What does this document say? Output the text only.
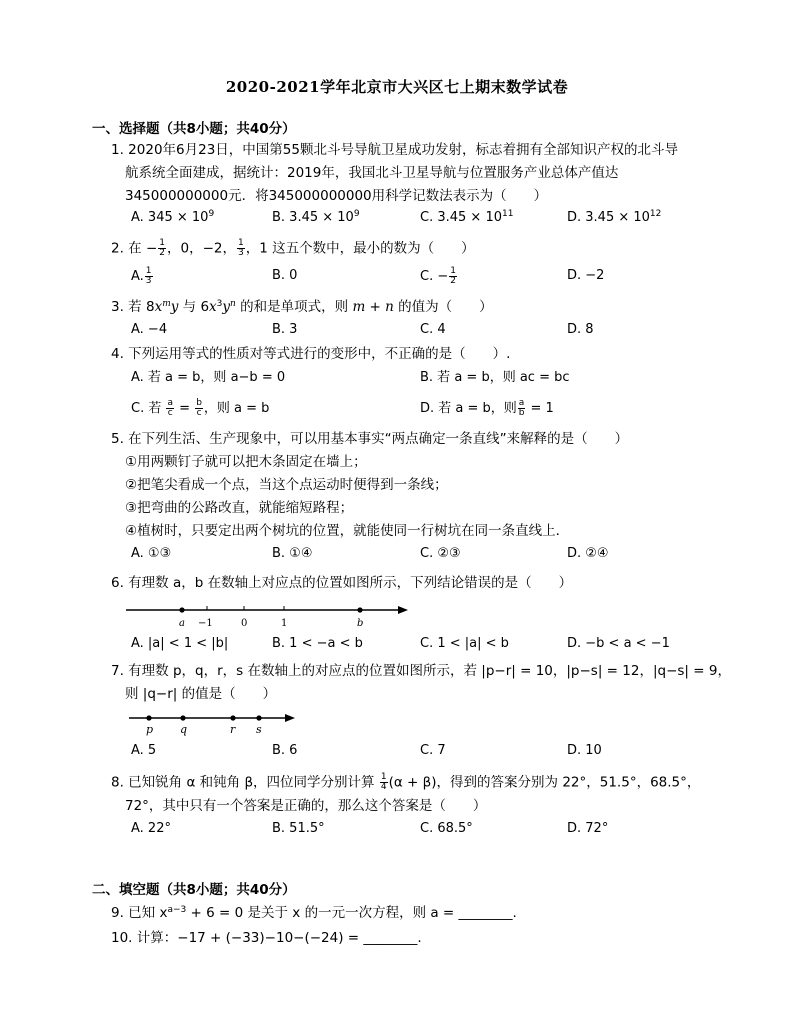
2020-2021学年北京市大兴区七上期末数学试卷
一、选择题（共8小题；共40分）
1. 2020年6月23日，中国第55颗北斗号导航卫星成功发射，标志着拥有全部知识产权的北斗导
航系统全面建成，据统计：2019年，我国北斗卫星导航与位置服务产业总体产值达
345000000000元．将345000000000用科学记数法表示为（　　）
A. $345 \times 10^9$	B. $3.45 \times 10^9$	C. $3.45 \times 10^{11}$	D. $3.45 \times 10^{12}$
2. 在 − $\frac{1}{2}$ ，0，−2， $\frac{1}{3}$ ，1 这五个数中，最小的数为（　　）
A. $\frac{1}{3}$	B. 0	C. − $\frac{1}{2}$	D. −2
3. 若 $8x^my$ 与 $6x^3y^n$ 的和是单项式，则 m + n 的值为（　　）
A. −4	B. 3	C. 4	D. 8
4. 下列运用等式的性质对等式进行的变形中，不正确的是（　　）.
A. 若 a = b，则 a−b = 0	B. 若 a = b，则 ac = bc
C. 若 $\frac{a}{c} = \frac{b}{c}$ ，则 a = b	D. 若 a = b，则 $\frac{a}{b} = 1$
5. 在下列生活、生产现象中，可以用基本事实“两点确定一条直线”来解释的是（　　）
①用两颗钉子就可以把木条固定在墙上；
②把笔尖看成一个点，当这个点运动时便得到一条线；
③把弯曲的公路改直，就能缩短路程；
④植树时，只要定出两个树坑的位置，就能使同一行树坑在同一条直线上．
A. ①③	B. ①④	C. ②③	D. ②④
6. 有理数 a，b 在数轴上对应点的位置如图所示，下列结论错误的是（　　）
a −1	0	1	b
A. |a| < 1 < |b|	B. 1 < −a < b	C. 1 < |a| < b	D. −b < a < −1
7. 有理数 p，q，r，s 在数轴上的对应点的位置如图所示，若 |p−r| = 10，|p−s| = 12，|q−s| = 9，
则 |q−r| 的值是（　　）
p q	r s
A. 5	B. 6	C. 7	D. 10
8. 已知锐角 α 和钝角 β，四位同学分别计算 $\frac{1}{4} (\alpha + \beta)$，得到的答案分别为 22°，51.5°，68.5°，
72°，其中只有一个答案是正确的，那么这个答案是（　　）
A. 22°	B. 51.5°	C. 68.5°	D. 72°
二、填空题（共8小题；共40分）
9. 已知 $x^{a-3} + 6 = 0$ 是关于 x 的一元一次方程，则 a = ________.
10. 计算：−17 + (−33)−10−(−24) = ________.
